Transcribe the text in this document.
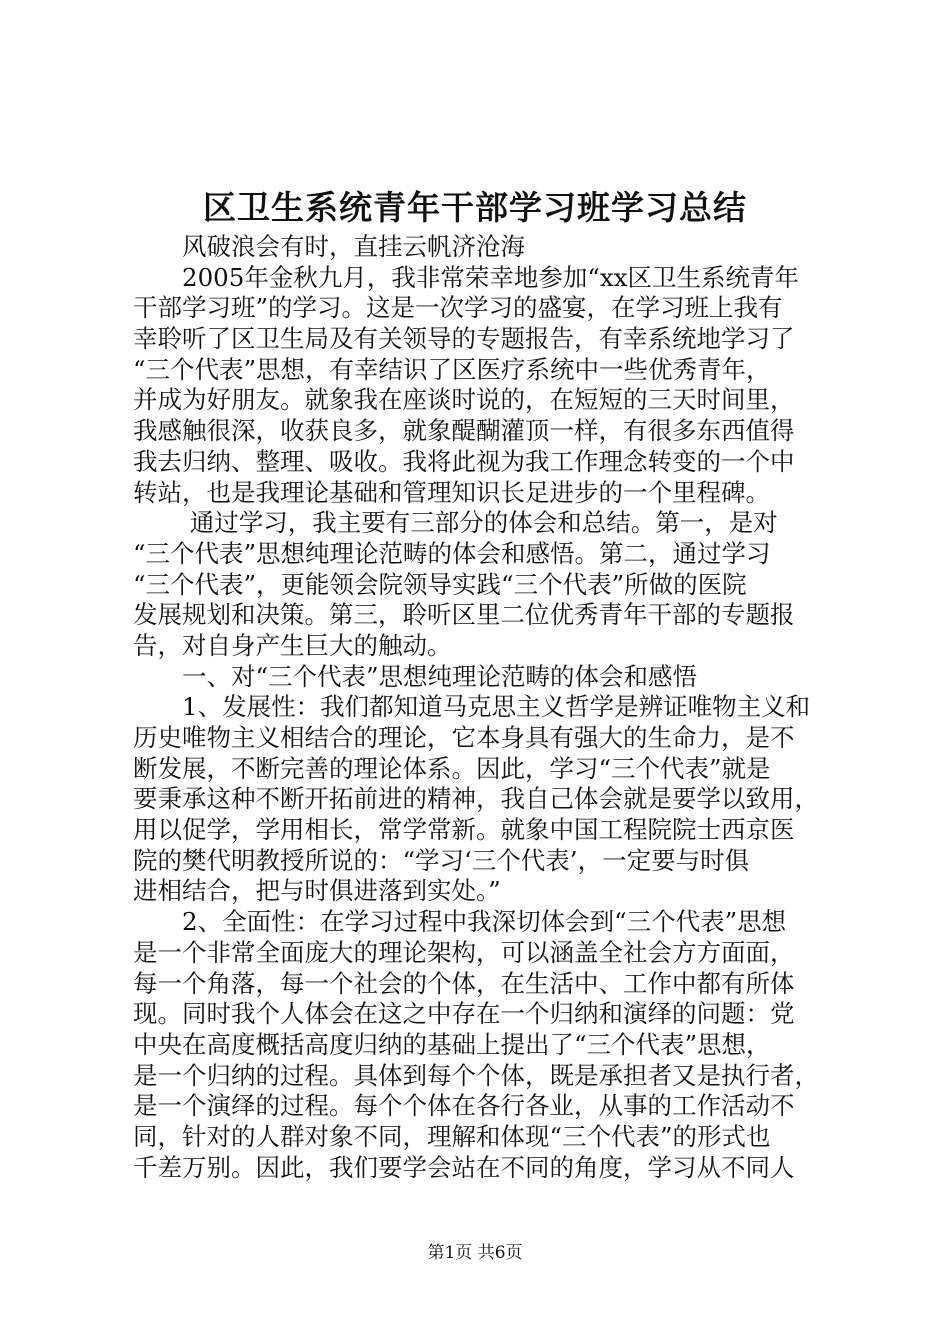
区卫生系统青年干部学习班学习总结
　　风破浪会有时，直挂云帆济沧海
　　2005年金秋九月，我非常荣幸地参加“xx区卫生系统青年
干部学习班”的学习。这是一次学习的盛宴，在学习班上我有
幸聆听了区卫生局及有关领导的专题报告，有幸系统地学习了
“三个代表”思想，有幸结识了区医疗系统中一些优秀青年，
并成为好朋友。就象我在座谈时说的，在短短的三天时间里，
我感触很深，收获良多，就象醍醐灌顶一样，有很多东西值得
我去归纳、整理、吸收。我将此视为我工作理念转变的一个中
转站，也是我理论基础和管理知识长足进步的一个里程碑。
　　 通过学习，我主要有三部分的体会和总结。第一，是对
“三个代表”思想纯理论范畴的体会和感悟。第二，通过学习
“三个代表”，更能领会院领导实践“三个代表”所做的医院
发展规划和决策。第三，聆听区里二位优秀青年干部的专题报
告，对自身产生巨大的触动。
　　一、对“三个代表”思想纯理论范畴的体会和感悟
　　1、发展性：我们都知道马克思主义哲学是辨证唯物主义和
历史唯物主义相结合的理论，它本身具有强大的生命力，是不
断发展，不断完善的理论体系。因此，学习“三个代表”就是
要秉承这种不断开拓前进的精神，我自己体会就是要学以致用，
用以促学，学用相长，常学常新。就象中国工程院院士西京医
院的樊代明教授所说的：“学习‘三个代表’，一定要与时俱
进相结合，把与时俱进落到实处。”
　　2、全面性：在学习过程中我深切体会到“三个代表”思想
是一个非常全面庞大的理论架构，可以涵盖全社会方方面面，
每一个角落，每一个社会的个体，在生活中、工作中都有所体
现。同时我个人体会在这之中存在一个归纳和演绎的问题：党
中央在高度概括高度归纳的基础上提出了“三个代表”思想，
是一个归纳的过程。具体到每个个体，既是承担者又是执行者，
是一个演绎的过程。每个个体在各行各业，从事的工作活动不
同，针对的人群对象不同，理解和体现“三个代表”的形式也
千差万别。因此，我们要学会站在不同的角度，学习从不同人
第1页 共6页
